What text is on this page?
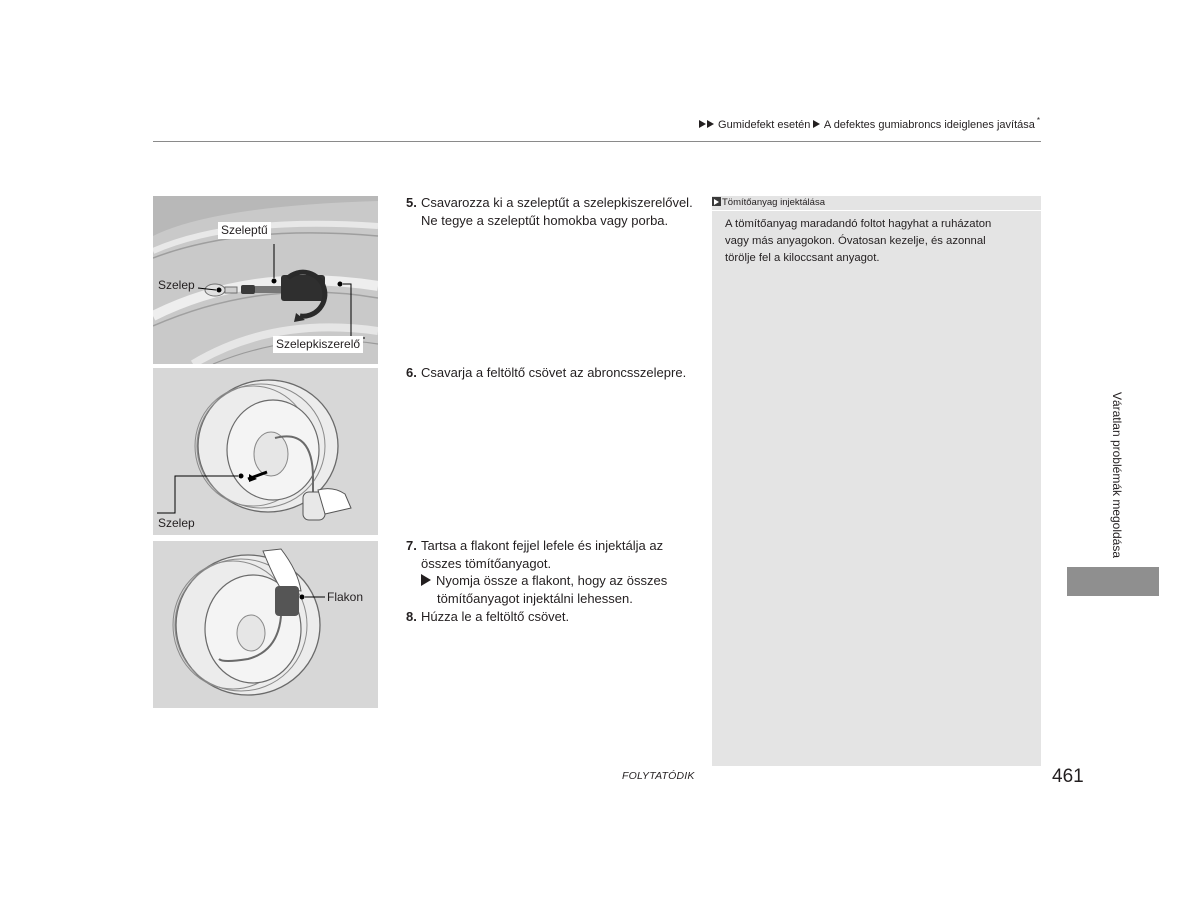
Gumidefekt esetén A defektes gumiabroncs ideiglenes javítása *
Szeleptű
Szelep
Szelepkiszerelő
Szelep
Flakon
5. Csavarozza ki a szeleptűt a szelepkiszerelővel.
Ne tegye a szeleptűt homokba vagy porba.
6. Csavarja a feltöltő csövet az abroncsszelepre.
7. Tartsa a flakont fejjel lefele és injektálja az
összes tömítőanyagot.
Nyomja össze a flakont, hogy az összes
tömítőanyagot injektálni lehessen.
8. Húzza le a feltöltő csövet.
Tömítőanyag injektálása
A tömítőanyag maradandó foltot hagyhat a ruházaton
vagy más anyagokon. Óvatosan kezelje, és azonnal
törölje fel a kiloccsant anyagot.
Váratlan problémák megoldása
FOLYTATÓDIK	461
